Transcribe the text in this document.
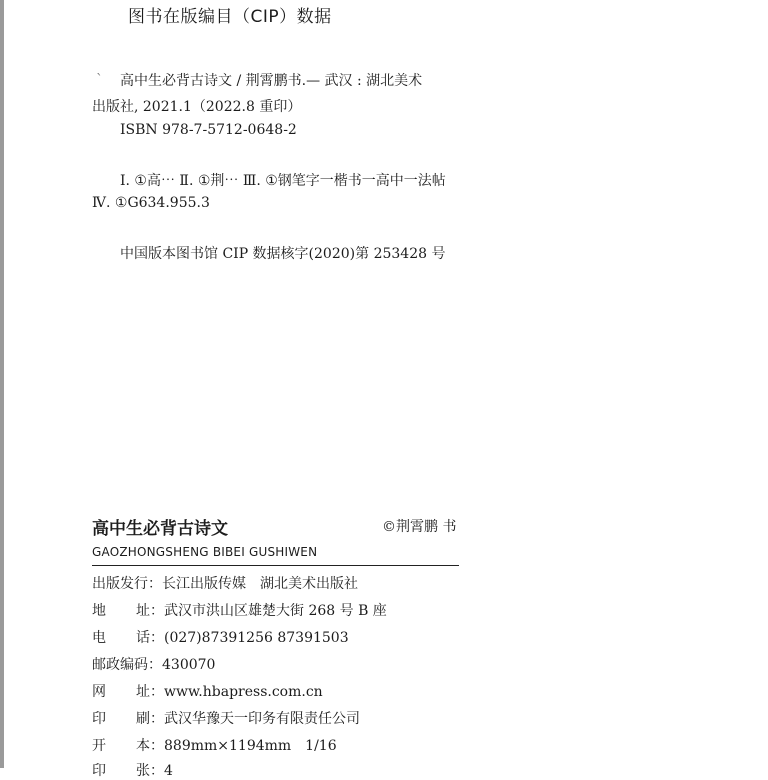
图书在版编目（CIP）数据
ˋ 高中生必背古诗文 / 荆霄鹏书.— 武汉 : 湖北美术
出版社, 2021.1（2022.8 重印）
ISBN 978-7-5712-0648-2
Ⅰ. ①高⋯ Ⅱ. ①荆⋯ Ⅲ. ①钢笔字一楷书一高中一法帖
Ⅳ. ①G634.955.3
中国版本图书馆 CIP 数据核字(2020)第 253428 号
高中生必背古诗文	©荆霄鹏 书
GAOZHONGSHENG BIBEI GUSHIWEN
出版发行：长江出版传媒　湖北美术出版社
地址：武汉市洪山区雄楚大街 268 号 B 座
电话：(027)87391256 87391503
邮政编码：430070
网址：www.hbapress.com.cn
印刷：武汉华豫天一印务有限责任公司
开本：889mm×1194mm　1/16
印张：4
